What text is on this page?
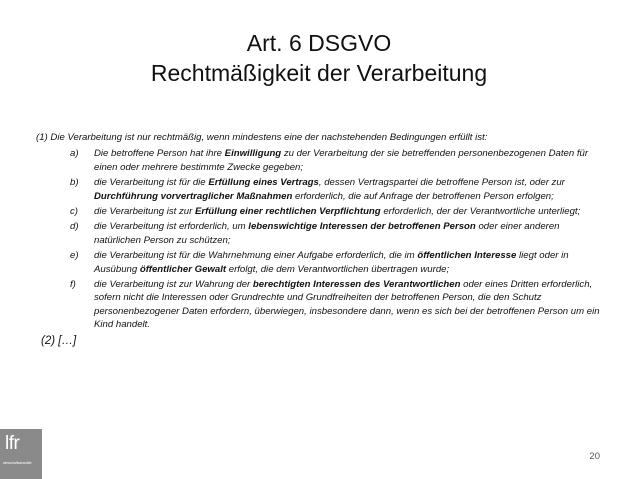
Art. 6 DSGVO
Rechtmäßigkeit der Verarbeitung
(1) Die Verarbeitung ist nur rechtmäßig, wenn mindestens eine der nachstehenden Bedingungen erfüllt ist:
a) Die betroffene Person hat ihre Einwilligung zu der Verarbeitung der sie betreffenden personenbezogenen Daten für einen oder mehrere bestimmte Zwecke gegeben;
b) die Verarbeitung ist für die Erfüllung eines Vertrags, dessen Vertragspartei die betroffene Person ist, oder zur Durchführung vorvertraglicher Maßnahmen erforderlich, die auf Anfrage der betroffenen Person erfolgen;
c) die Verarbeitung ist zur Erfüllung einer rechtlichen Verpflichtung erforderlich, der der Verantwortliche unterliegt;
d) die Verarbeitung ist erforderlich, um lebenswichtige Interessen der betroffenen Person oder einer anderen natürlichen Person zu schützen;
e) die Verarbeitung ist für die Wahrnehmung einer Aufgabe erforderlich, die im öffentlichen Interesse liegt oder in Ausübung öffentlicher Gewalt erfolgt, die dem Verantwortlichen übertragen wurde;
f) die Verarbeitung ist zur Wahrung der berechtigten Interessen des Verantwortlichen oder eines Dritten erforderlich, sofern nicht die Interessen oder Grundrechte und Grundfreiheiten der betroffenen Person, die den Schutz personenbezogener Daten erfordern, überwiegen, insbesondere dann, wenn es sich bei der betroffenen Person um ein Kind handelt.
(2) […]
lfr
wirtschaftsanwälte
20
